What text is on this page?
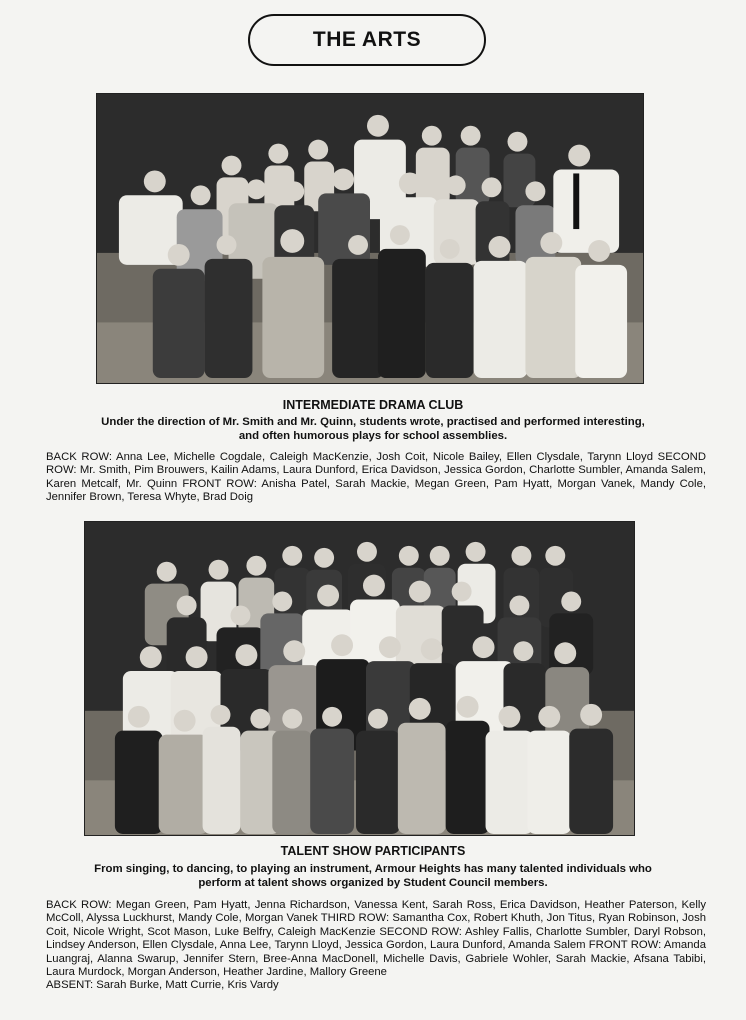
THE ARTS
INTERMEDIATE DRAMA CLUB
Under the direction of Mr. Smith and Mr. Quinn, students wrote, practised and performed interesting,
and often humorous plays for school assemblies.
BACK ROW: Anna Lee, Michelle Cogdale, Caleigh MacKenzie, Josh Coit, Nicole Bailey, Ellen Clysdale, Tarynn Lloyd SECOND ROW: Mr. Smith, Pim Brouwers, Kailin Adams, Laura Dunford, Erica Davidson, Jessica Gordon, Charlotte Sumbler, Amanda Salem, Karen Metcalf, Mr. Quinn FRONT ROW: Anisha Patel, Sarah Mackie, Megan Green, Pam Hyatt, Morgan Vanek, Mandy Cole, Jennifer Brown, Teresa Whyte, Brad Doig
TALENT SHOW PARTICIPANTS
From singing, to dancing, to playing an instrument, Armour Heights has many talented individuals who
perform at talent shows organized by Student Council members.
BACK ROW: Megan Green, Pam Hyatt, Jenna Richardson, Vanessa Kent, Sarah Ross, Erica Davidson, Heather Paterson, Kelly McColl, Alyssa Luckhurst, Mandy Cole, Morgan Vanek THIRD ROW: Samantha Cox, Robert Khuth, Jon Titus, Ryan Robinson, Josh Coit, Nicole Wright, Scot Mason, Luke Belfry, Caleigh MacKenzie SECOND ROW: Ashley Fallis, Charlotte Sumbler, Daryl Robson, Lindsey Anderson, Ellen Clysdale, Anna Lee, Tarynn Lloyd, Jessica Gordon, Laura Dunford, Amanda Salem FRONT ROW: Amanda Luangraj, Alanna Swarup, Jennifer Stern, Bree-Anna MacDonell, Michelle Davis, Gabriele Wohler, Sarah Mackie, Afsana Tabibi, Laura Murdock, Morgan Anderson, Heather Jardine, Mallory Greene
ABSENT: Sarah Burke, Matt Currie, Kris Vardy
